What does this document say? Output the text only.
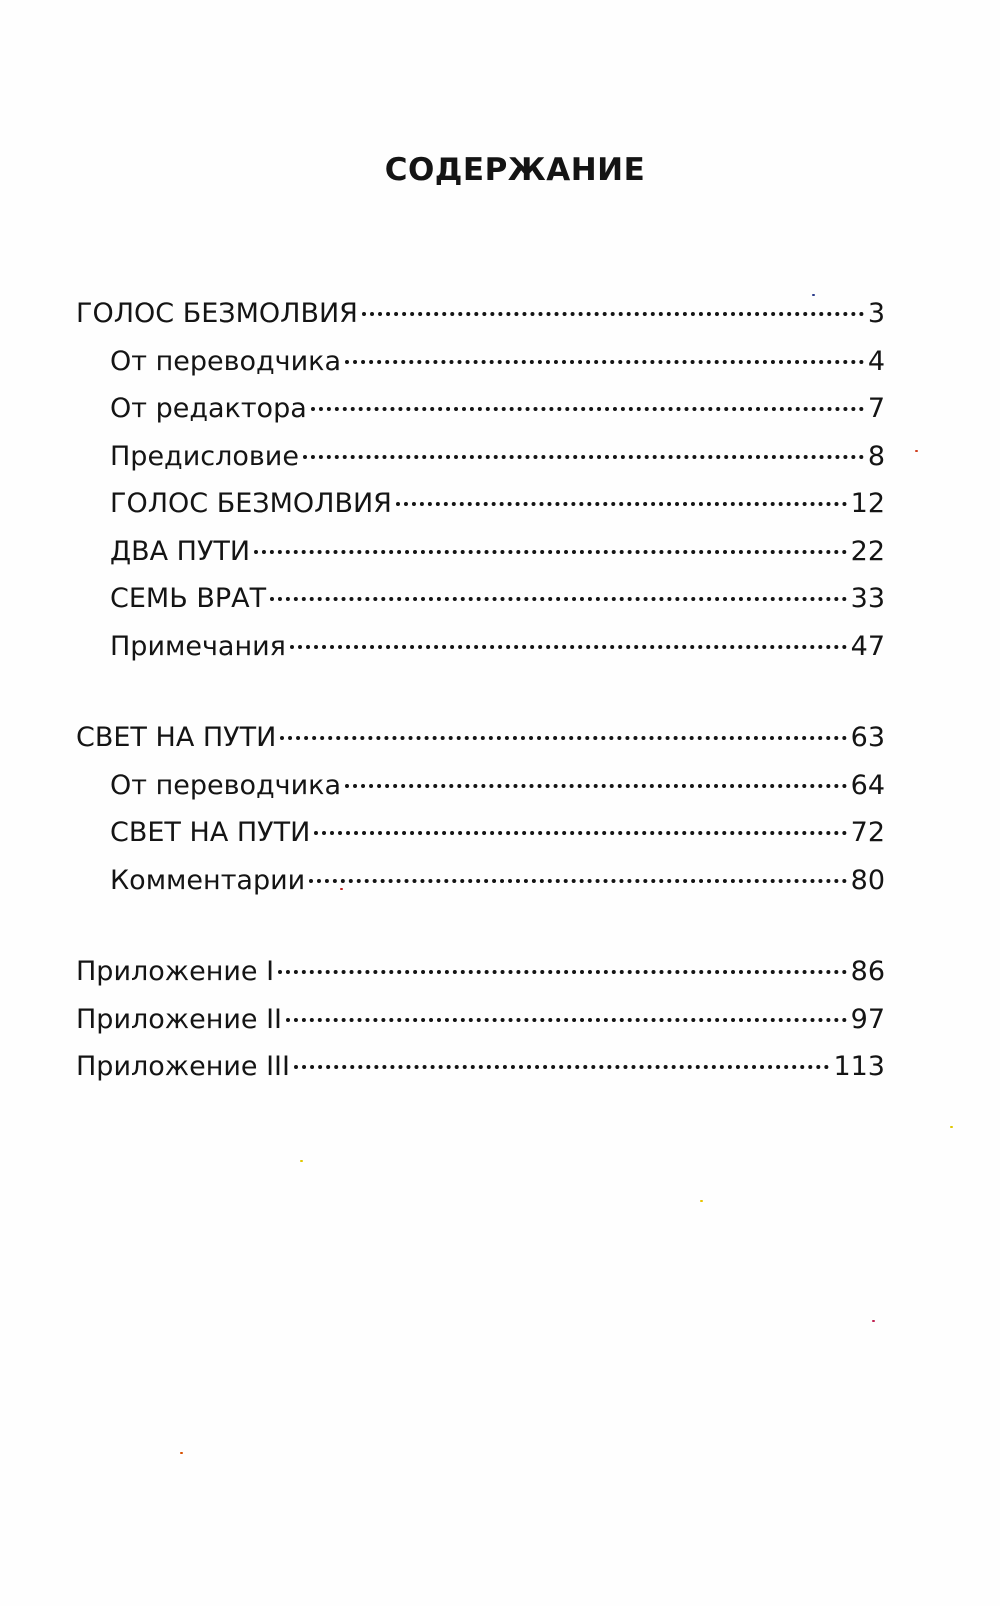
СОДЕРЖАНИЕ
ГОЛОС БЕЗМОЛВИЯ	3
От переводчика	4
От редактора	7
Предисловие	8
ГОЛОС БЕЗМОЛВИЯ	12
ДВА ПУТИ	22
СЕМЬ ВРАТ	33
Примечания	47
СВЕТ НА ПУТИ	63
От переводчика	64
СВЕТ НА ПУТИ	72
Комментарии	80
Приложение I	86
Приложение II	97
Приложение III	113
